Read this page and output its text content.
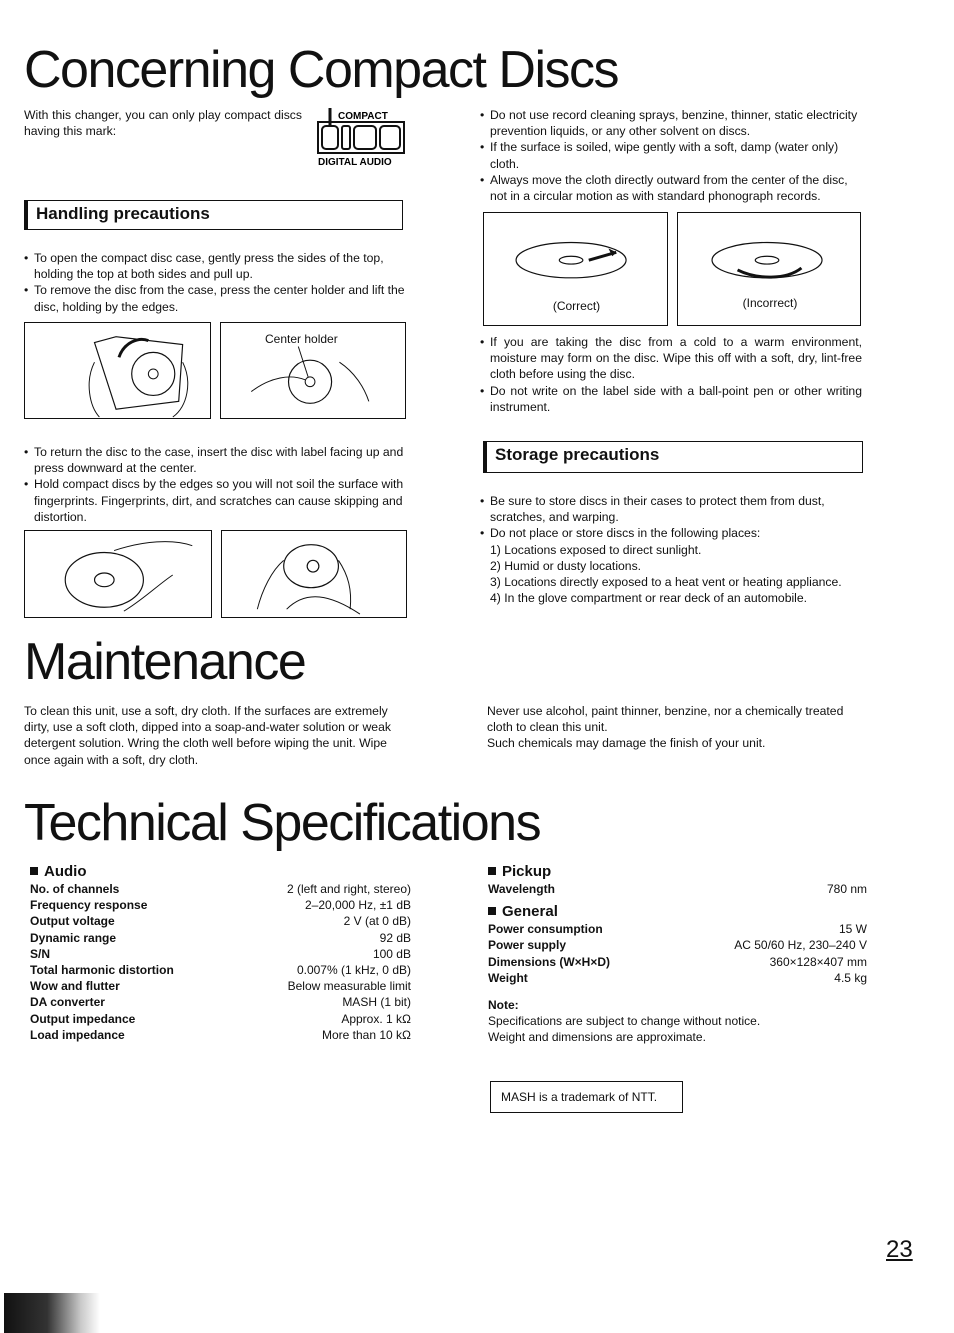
Concerning Compact Discs
With this changer, you can only play compact discs having this mark:
COMPACT
DIGITAL AUDIO
Handling precautions

• To open the compact disc case, gently press the sides of the top, holding the top at both sides and pull up.

• To remove the disc from the case, press the center holder and lift the disc, holding by the edges.

Center holder

• To return the disc to the case, insert the disc with label facing up and press downward at the center.

• Hold compact discs by the edges so you will not soil the surface with fingerprints. Fingerprints, dirt, and scratches can cause skipping and distortion.

• Do not use record cleaning sprays, benzine, thinner, static electricity prevention liquids, or any other solvent on discs.

• If the surface is soiled, wipe gently with a soft, damp (water only) cloth.

• Always move the cloth directly outward from the center of the disc, not in a circular motion as with standard phonograph records.

(Correct)	(Incorrect)

• If you are taking the disc from a cold to a warm environment, moisture may form on the disc. Wipe this off with a soft, dry, lint-free cloth before using the disc.

• Do not write on the label side with a ball-point pen or other writing instrument.

Storage precautions

• Be sure to store discs in their cases to protect them from dust, scratches, and warping.

• Do not place or store discs in the following places:

1) Locations exposed to direct sunlight.
2) Humid or dusty locations.
3) Locations directly exposed to a heat vent or heating appliance.
4) In the glove compartment or rear deck of an automobile.
Maintenance
To clean this unit, use a soft, dry cloth. If the surfaces are extremely dirty, use a soft cloth, dipped into a soap-and-water solution or weak detergent solution. Wring the cloth well before wiping the unit. Wipe once again with a soft, dry cloth.
Never use alcohol, paint thinner, benzine, nor a chemically treated cloth to clean this unit.
Such chemicals may damage the finish of your unit.
Technical Specifications
Audio
No. of channels	2 (left and right, stereo)
Frequency response	2–20,000 Hz, ±1 dB
Output voltage	2 V (at 0 dB)
Dynamic range	92 dB
S/N	100 dB
Total harmonic distortion	0.007% (1 kHz, 0 dB)
Wow and flutter	Below measurable limit
DA converter	MASH (1 bit)
Output impedance	Approx. 1 kΩ
Load impedance	More than 10 kΩ
Pickup
Wavelength	780 nm
General
Power consumption	15 W
Power supply	AC 50/60 Hz, 230–240 V
Dimensions (W×H×D)	360×128×407 mm
Weight	4.5 kg
Note:
Specifications are subject to change without notice.
Weight and dimensions are approximate.
MASH is a trademark of NTT.
23
